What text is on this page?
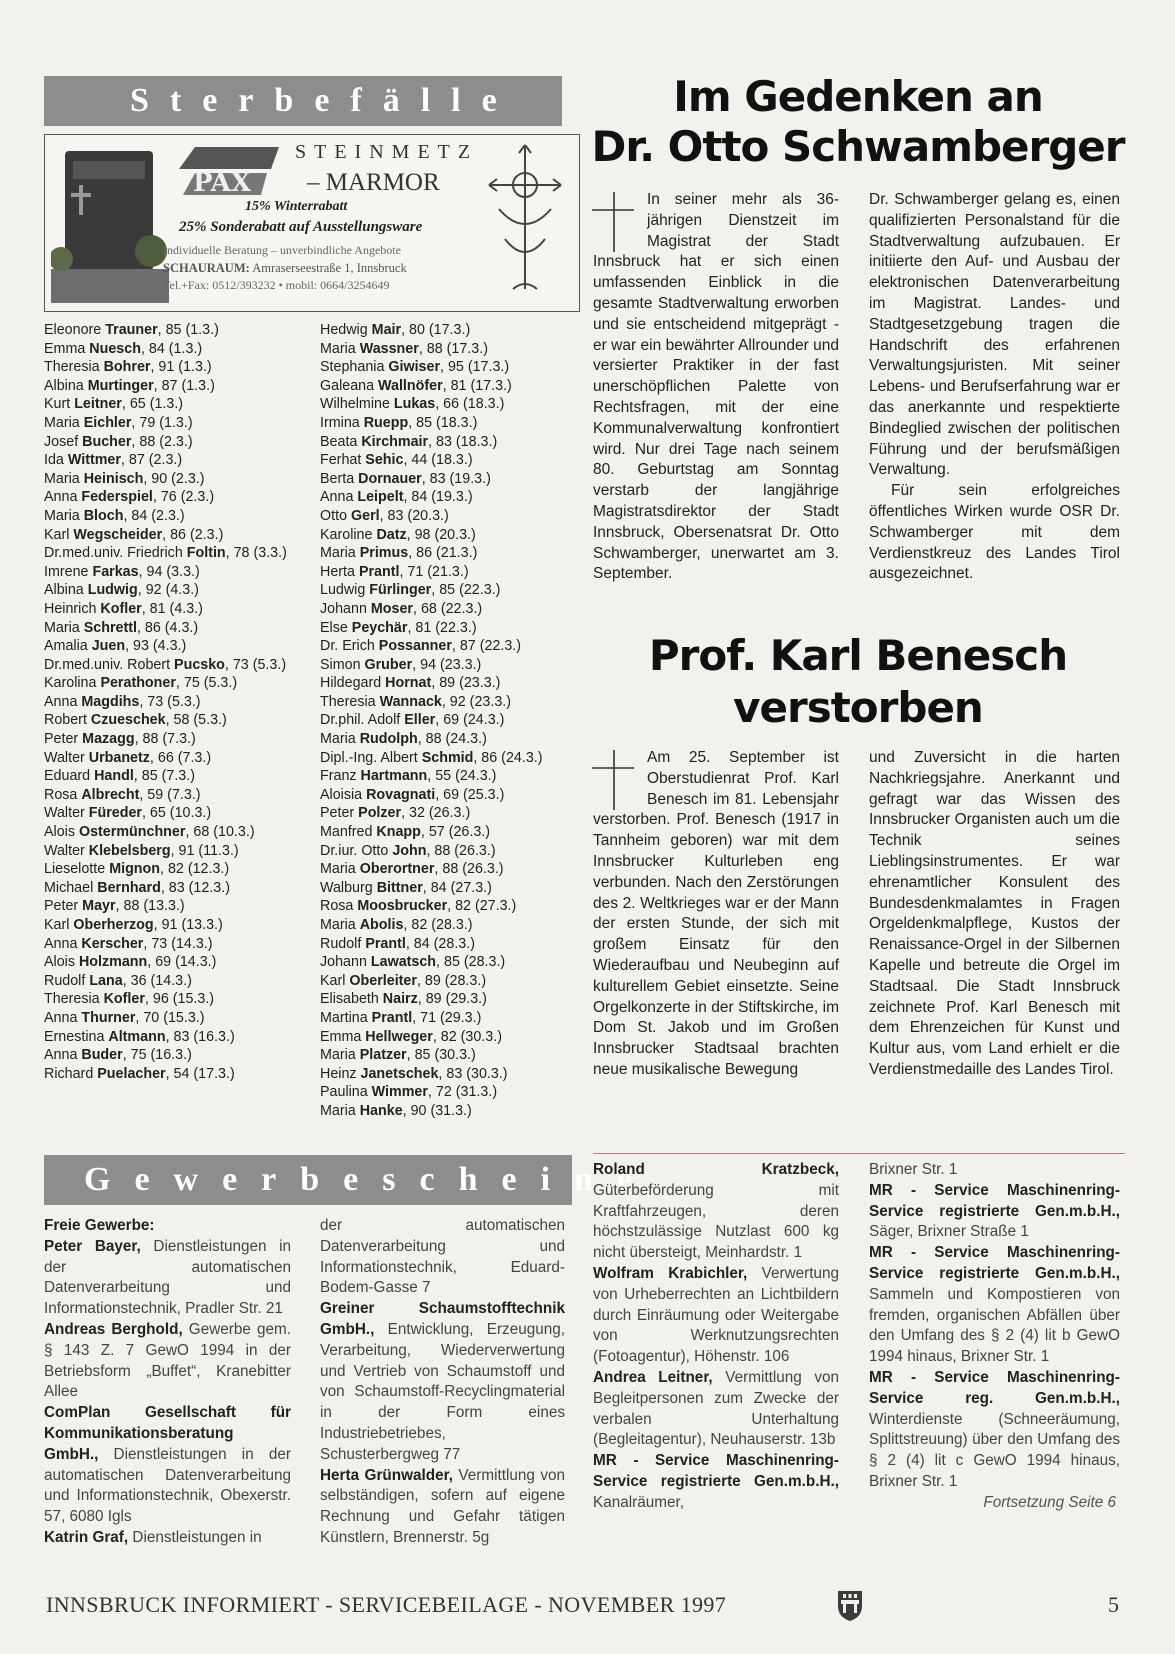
Sterbefälle
PAX
STEINMETZ
– MARMOR
15% Winterrabatt
25% Sonderabatt auf Ausstellungsware
Individuelle Beratung – unverbindliche Angebote
SCHAURAUM: Amraserseestraße 1, Innsbruck
Tel.+Fax: 0512/393232 • mobil: 0664/3254649
Eleonore Trauner, 85 (1.3.)
Emma Nuesch, 84 (1.3.)
Theresia Bohrer, 91 (1.3.)
Albina Murtinger, 87 (1.3.)
Kurt Leitner, 65 (1.3.)
Maria Eichler, 79 (1.3.)
Josef Bucher, 88 (2.3.)
Ida Wittmer, 87 (2.3.)
Maria Heinisch, 90 (2.3.)
Anna Federspiel, 76 (2.3.)
Maria Bloch, 84 (2.3.)
Karl Wegscheider, 86 (2.3.)
Dr.med.univ. Friedrich Foltin, 78 (3.3.)
Imrene Farkas, 94 (3.3.)
Albina Ludwig, 92 (4.3.)
Heinrich Kofler, 81 (4.3.)
Maria Schrettl, 86 (4.3.)
Amalia Juen, 93 (4.3.)
Dr.med.univ. Robert Pucsko, 73 (5.3.)
Karolina Perathoner, 75 (5.3.)
Anna Magdihs, 73 (5.3.)
Robert Czueschek, 58 (5.3.)
Peter Mazagg, 88 (7.3.)
Walter Urbanetz, 66 (7.3.)
Eduard Handl, 85 (7.3.)
Rosa Albrecht, 59 (7.3.)
Walter Füreder, 65 (10.3.)
Alois Ostermünchner, 68 (10.3.)
Walter Klebelsberg, 91 (11.3.)
Lieselotte Mignon, 82 (12.3.)
Michael Bernhard, 83 (12.3.)
Peter Mayr, 88 (13.3.)
Karl Oberherzog, 91 (13.3.)
Anna Kerscher, 73 (14.3.)
Alois Holzmann, 69 (14.3.)
Rudolf Lana, 36 (14.3.)
Theresia Kofler, 96 (15.3.)
Anna Thurner, 70 (15.3.)
Ernestina Altmann, 83 (16.3.)
Anna Buder, 75 (16.3.)
Richard Puelacher, 54 (17.3.)
Hedwig Mair, 80 (17.3.)
Maria Wassner, 88 (17.3.)
Stephania Giwiser, 95 (17.3.)
Galeana Wallnöfer, 81 (17.3.)
Wilhelmine Lukas, 66 (18.3.)
Irmina Ruepp, 85 (18.3.)
Beata Kirchmair, 83 (18.3.)
Ferhat Sehic, 44 (18.3.)
Berta Dornauer, 83 (19.3.)
Anna Leipelt, 84 (19.3.)
Otto Gerl, 83 (20.3.)
Karoline Datz, 98 (20.3.)
Maria Primus, 86 (21.3.)
Herta Prantl, 71 (21.3.)
Ludwig Fürlinger, 85 (22.3.)
Johann Moser, 68 (22.3.)
Else Peychär, 81 (22.3.)
Dr. Erich Possanner, 87 (22.3.)
Simon Gruber, 94 (23.3.)
Hildegard Hornat, 89 (23.3.)
Theresia Wannack, 92 (23.3.)
Dr.phil. Adolf Eller, 69 (24.3.)
Maria Rudolph, 88 (24.3.)
Dipl.-Ing. Albert Schmid, 86 (24.3.)
Franz Hartmann, 55 (24.3.)
Aloisia Rovagnati, 69 (25.3.)
Peter Polzer, 32 (26.3.)
Manfred Knapp, 57 (26.3.)
Dr.iur. Otto John, 88 (26.3.)
Maria Oberortner, 88 (26.3.)
Walburg Bittner, 84 (27.3.)
Rosa Moosbrucker, 82 (27.3.)
Maria Abolis, 82 (28.3.)
Rudolf Prantl, 84 (28.3.)
Johann Lawatsch, 85 (28.3.)
Karl Oberleiter, 89 (28.3.)
Elisabeth Nairz, 89 (29.3.)
Martina Prantl, 71 (29.3.)
Emma Hellweger, 82 (30.3.)
Maria Platzer, 85 (30.3.)
Heinz Janetschek, 83 (30.3.)
Paulina Wimmer, 72 (31.3.)
Maria Hanke, 90 (31.3.)
Im Gedenken an
Dr. Otto Schwamberger

In seiner mehr als 36-jährigen Dienstzeit im Magistrat der Stadt Innsbruck hat er sich einen umfassenden Einblick in die gesamte Stadtverwaltung erworben und sie entscheidend mitgeprägt - er war ein bewährter Allrounder und versierter Praktiker in der fast unerschöpflichen Palette von Rechtsfragen, mit der eine Kommunalverwaltung konfrontiert wird. Nur drei Tage nach seinem 80. Geburtstag am Sonntag verstarb der langjährige Magistratsdirektor der Stadt Innsbruck, Obersenatsrat Dr. Otto Schwamberger, unerwartet am 3. September.

Dr. Schwamberger gelang es, einen qualifizierten Personalstand für die Stadtverwaltung aufzubauen. Er initiierte den Auf- und Ausbau der elektronischen Datenverarbeitung im Magistrat. Landes- und Stadtgesetzgebung tragen die Handschrift des erfahrenen Verwaltungsjuristen. Mit seiner Lebens- und Berufserfahrung war er das anerkannte und respektierte Bindeglied zwischen der politischen Führung und der berufsmäßigen Verwaltung.

Für sein erfolgreiches öffentliches Wirken wurde OSR Dr. Schwamberger mit dem Verdienstkreuz des Landes Tirol ausgezeichnet.

Prof. Karl Benesch
verstorben

Am 25. September ist Oberstudienrat Prof. Karl Benesch im 81. Lebensjahr verstorben. Prof. Benesch (1917 in Tannheim geboren) war mit dem Innsbrucker Kulturleben eng verbunden. Nach den Zerstörungen des 2. Weltkrieges war er der Mann der ersten Stunde, der sich mit großem Einsatz für den Wiederaufbau und Neubeginn auf kulturellem Gebiet einsetzte. Seine Orgelkonzerte in der Stiftskirche, im Dom St. Jakob und im Großen Innsbrucker Stadtsaal brachten neue musikalische Bewegung

und Zuversicht in die harten Nachkriegsjahre. Anerkannt und gefragt war das Wissen des Innsbrucker Organisten auch um die Technik seines Lieblingsinstrumentes. Er war ehrenamtlicher Konsulent des Bundesdenkmalamtes in Fragen Orgeldenkmalpflege, Kustos der Renaissance-Orgel in der Silbernen Kapelle und betreute die Orgel im Stadtsaal. Die Stadt Innsbruck zeichnete Prof. Karl Benesch mit dem Ehrenzeichen für Kunst und Kultur aus, vom Land erhielt er die Verdienstmedaille des Landes Tirol.

Gewerbescheine

Freie Gewerbe:

Peter Bayer, Dienstleistungen in der automatischen Datenverarbeitung und Informationstechnik, Pradler Str. 21

Andreas Berghold, Gewerbe gem. § 143 Z. 7 GewO 1994 in der Betriebsform „Buffet“, Kranebitter Allee

ComPlan Gesellschaft für Kommunikationsberatung GmbH., Dienstleistungen in der automatischen Datenverarbeitung und Informationstechnik, Obexerstr. 57, 6080 Igls

Katrin Graf, Dienstleistungen in

der automatischen Datenverarbeitung und Informationstechnik, Eduard-Bodem-Gasse 7

Greiner Schaumstofftechnik GmbH., Entwicklung, Erzeugung, Verarbeitung, Wiederverwertung und Vertrieb von Schaumstoff und von Schaumstoff-Recyclingmaterial in der Form eines Industriebetriebes, Schusterbergweg 77

Herta Grünwalder, Vermittlung von selbständigen, sofern auf eigene Rechnung und Gefahr tätigen Künstlern, Brennerstr. 5g

Roland Kratzbeck, Güterbeförderung mit Kraftfahrzeugen, deren höchstzulässige Nutzlast 600 kg nicht übersteigt, Meinhardstr. 1

Wolfram Krabichler, Verwertung von Urheberrechten an Lichtbildern durch Einräumung oder Weitergabe von Werknutzungsrechten (Fotoagentur), Höhenstr. 106

Andrea Leitner, Vermittlung von Begleitpersonen zum Zwecke der verbalen Unterhaltung (Begleitagentur), Neuhauserstr. 13b

MR - Service Maschinenring-Service registrierte Gen.m.b.H., Kanalräumer,

Brixner Str. 1

MR - Service Maschinenring-Service registrierte Gen.m.b.H., Säger, Brixner Straße 1

MR - Service Maschinenring-Service registrierte Gen.m.b.H., Sammeln und Kompostieren von fremden, organischen Abfällen über den Umfang des § 2 (4) lit b GewO 1994 hinaus, Brixner Str. 1

MR - Service Maschinenring-Service reg. Gen.m.b.H., Winterdienste (Schneeräumung, Splittstreuung) über den Umfang des § 2 (4) lit c GewO 1994 hinaus, Brixner Str. 1

Fortsetzung Seite 6

INNSBRUCK INFORMIERT - SERVICEBEILAGE - NOVEMBER 1997	5
